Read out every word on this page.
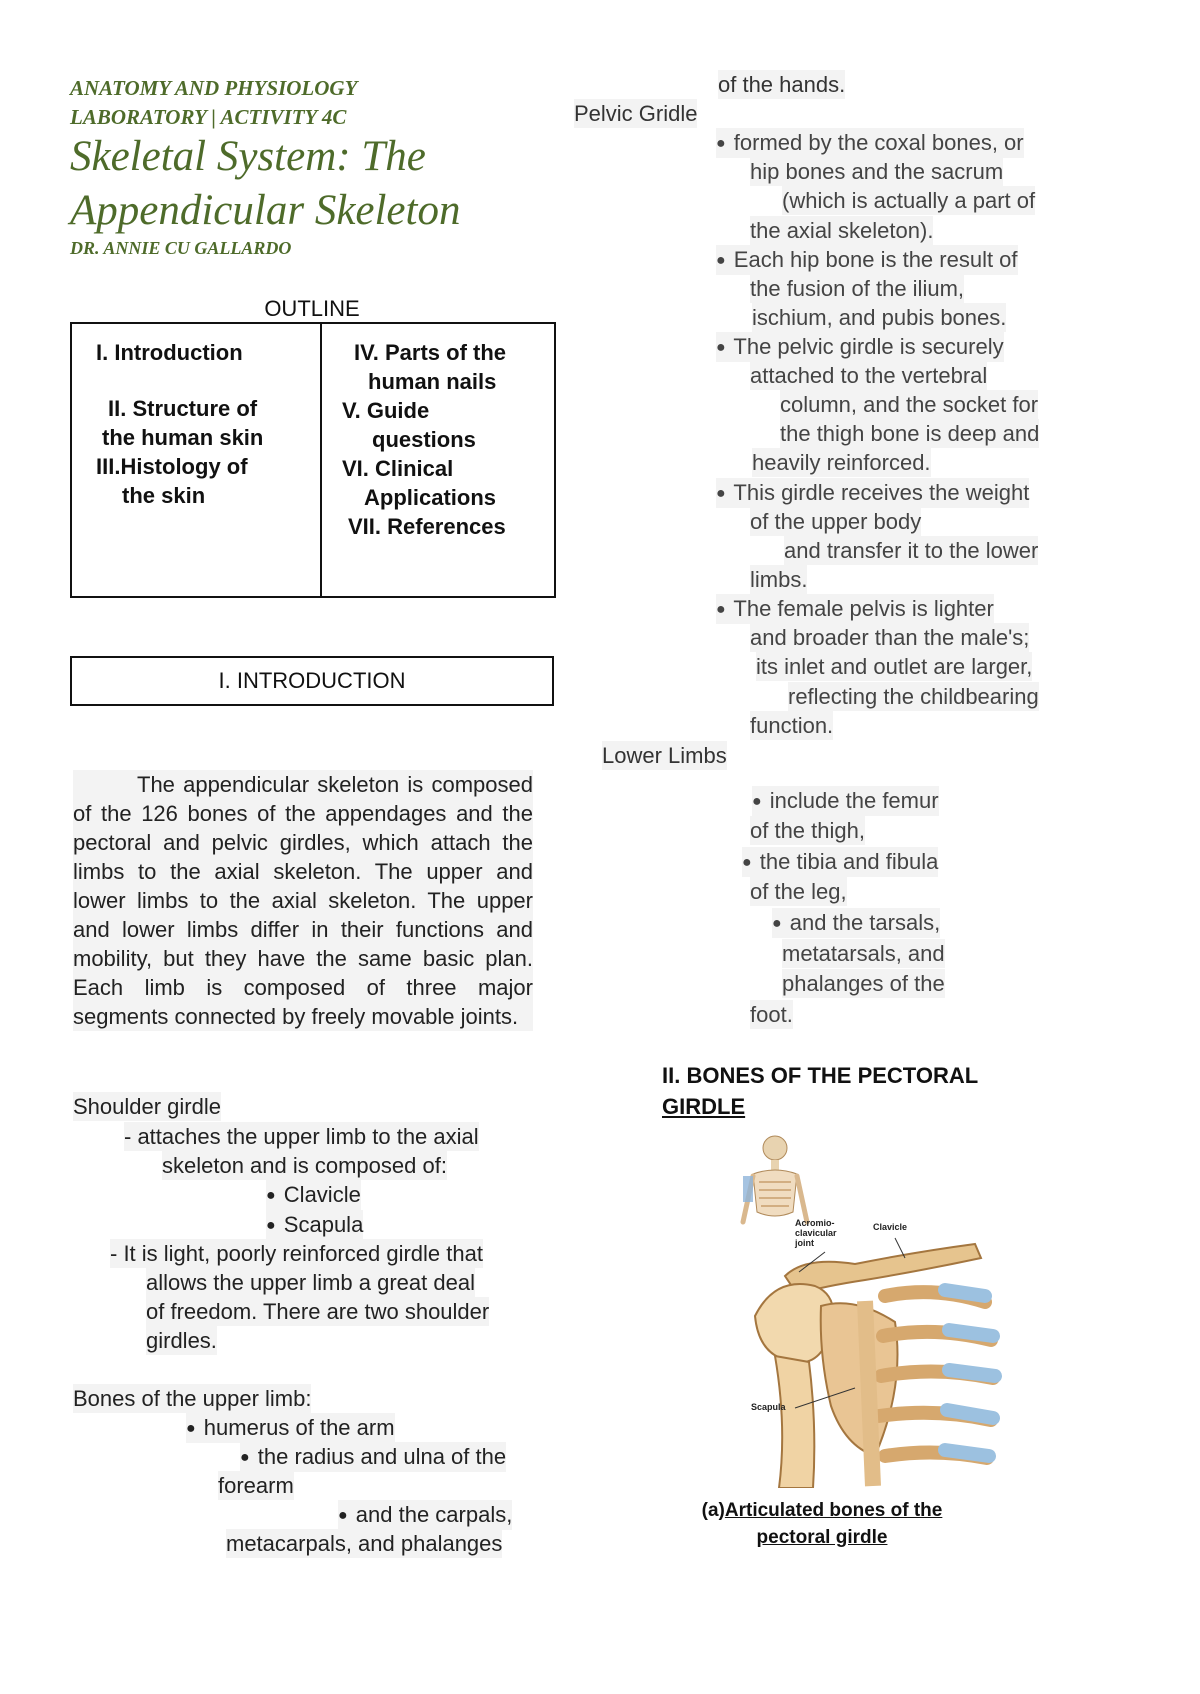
ANATOMY AND PHYSIOLOGY
LABORATORY | ACTIVITY 4C
Skeletal System: The
Appendicular Skeleton
DR. ANNIE CU GALLARDO
OUTLINE
I. Introduction
II. Structure of
the human skin
III.Histology of
the skin
IV. Parts of the
human nails
V. Guide
questions
VI. Clinical
Applications
VII. References
I. INTRODUCTION
The appendicular skeleton is composed of the 126 bones of the appendages and the pectoral and pelvic girdles, which attach the limbs to the axial skeleton. The upper and lower limbs to the axial skeleton. The upper and lower limbs differ in their functions and mobility, but they have the same basic plan. Each limb is composed of three major segments connected by freely movable joints.
Shoulder girdle
- attaches the upper limb to the axial
skeleton and is composed of:
● Clavicle
● Scapula
- It is light, poorly reinforced girdle that
allows the upper limb a great deal
of freedom. There are two shoulder
girdles.
Bones of the upper limb:
● humerus of the arm
● the radius and ulna of the
forearm
● and the carpals,
metacarpals, and phalanges
of the hands.
Pelvic Gridle
● formed by the coxal bones, or
hip bones and the sacrum
(which is actually a part of
the axial skeleton).
● Each hip bone is the result of
the fusion of the ilium,
ischium, and pubis bones.
● The pelvic girdle is securely
attached to the vertebral
column, and the socket for
the thigh bone is deep and
heavily reinforced.
● This girdle receives the weight
of the upper body
and transfer it to the lower
limbs.
● The female pelvis is lighter
and broader than the male's;
its inlet and outlet are larger,
reflecting the childbearing
function.
Lower Limbs
● include the femur
of the thigh,
● the tibia and fibula
of the leg,
● and the tarsals,
metatarsals, and
phalanges of the
foot.
II. BONES OF THE PECTORAL
GIRDLE
Acromio-
clavicular
joint
Clavicle
Scapula
(a)Articulated bones of the
pectoral girdle
